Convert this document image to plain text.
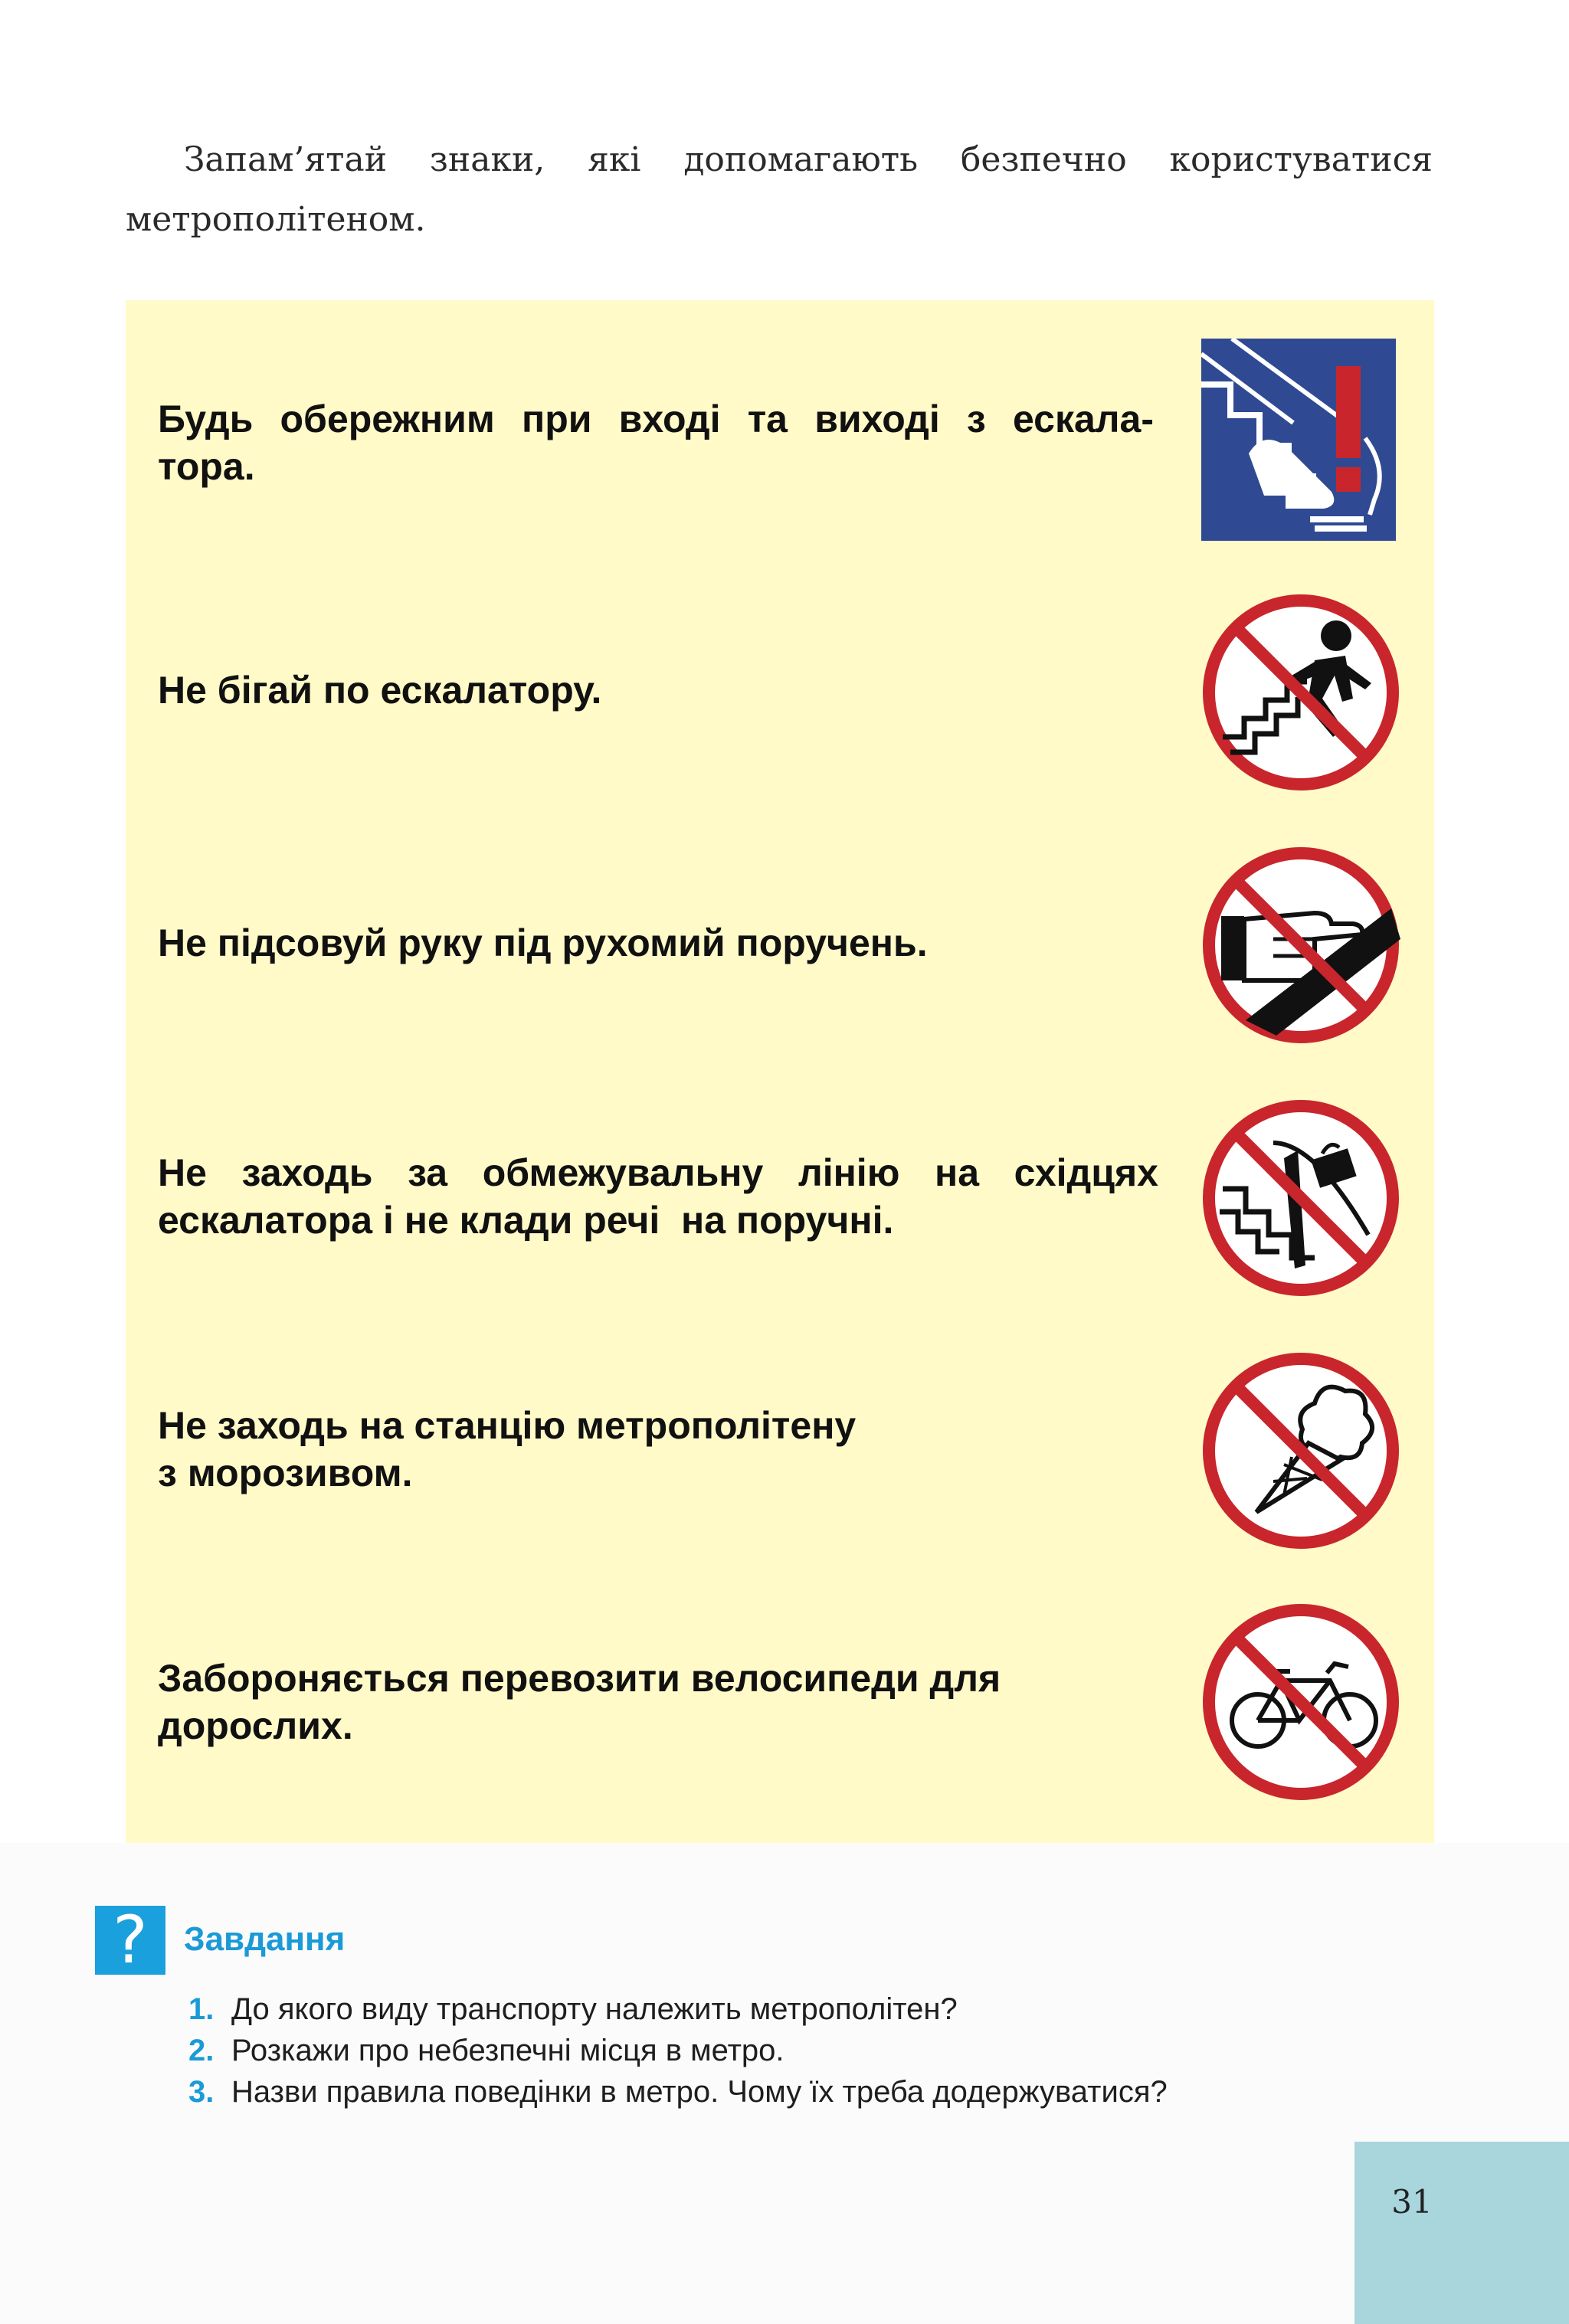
Запам’ятай знаки, які допомагають безпечно користуватися метрополітеном.

Будь обережним при вході та виході з ескала-
тора.
Не бігай по ескалатору.
Не підсовуй руку під рухомий поручень.
Не заходь за обмежувальну лінію на східцях
ескалатора і не клади речі  на поручні.
Не заходь на станцію метрополітену
з морозивом.
Забороняється перевозити велосипеди для
дорослих.
?	Завдання
1. До якого виду транспорту належить метрополітен?
2. Розкажи про небезпечні місця в метро.
3. Назви правила поведінки в метро. Чому їх треба додержуватися?
31
